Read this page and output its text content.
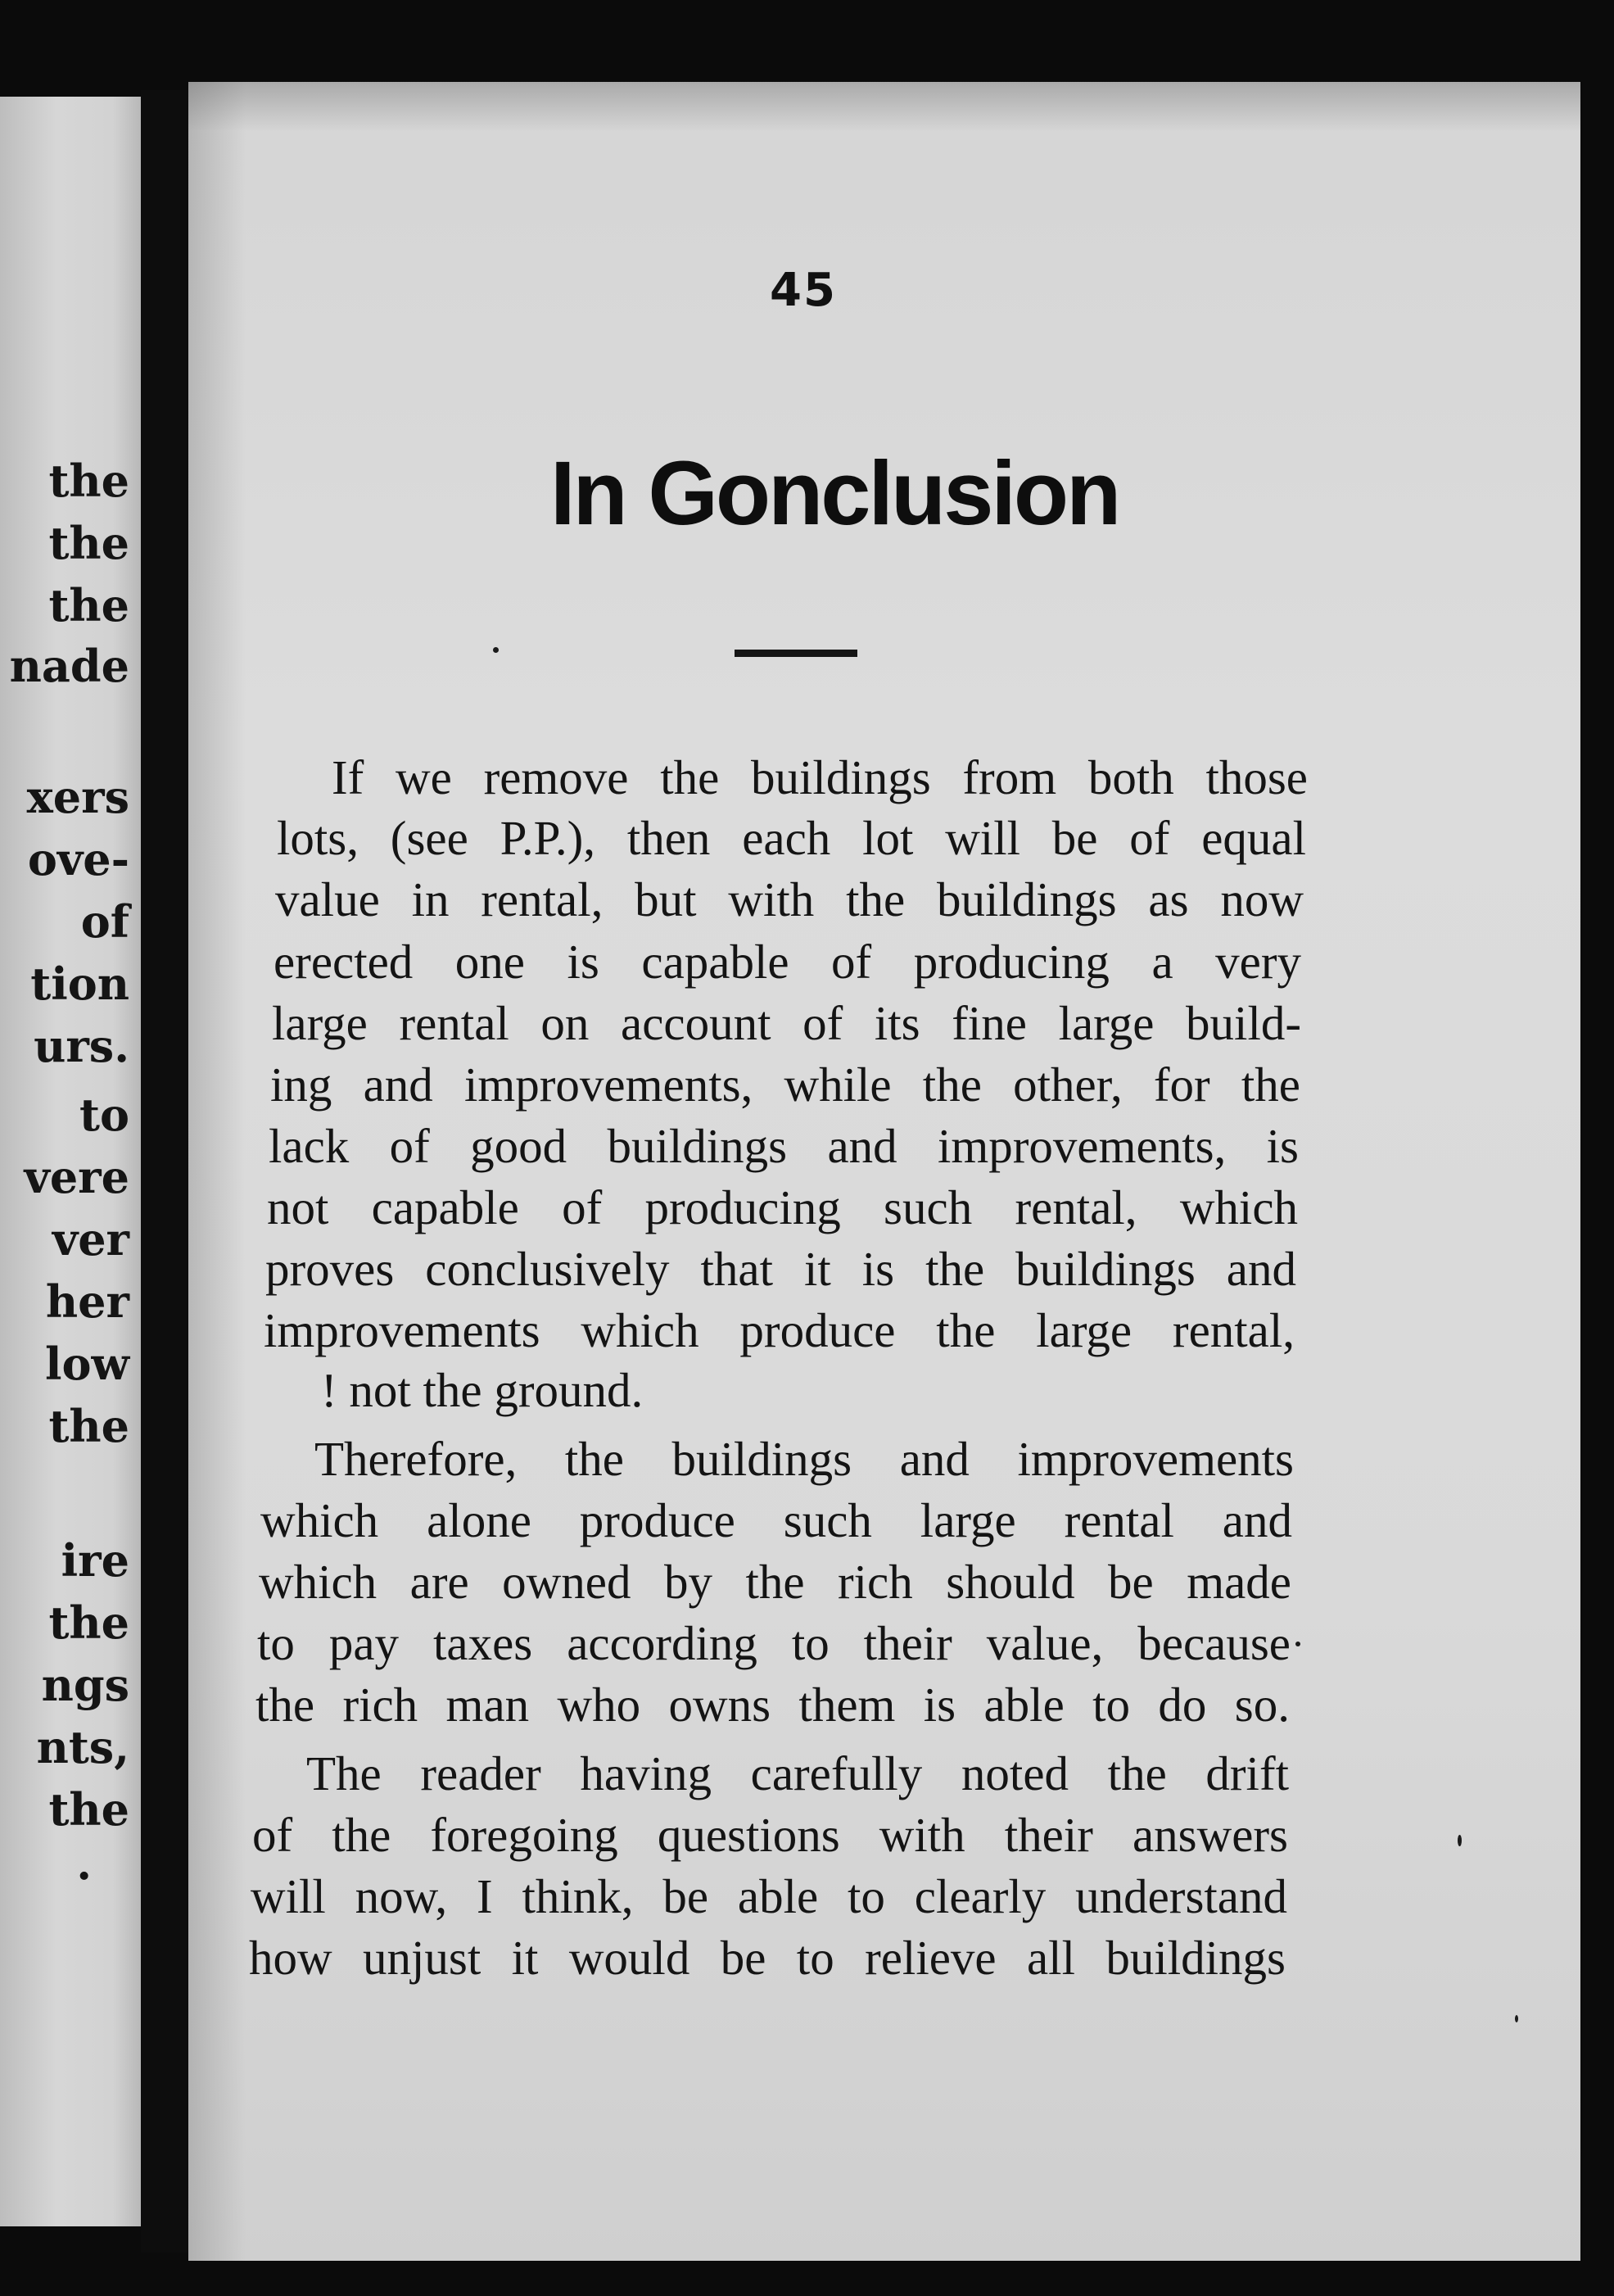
the
the
the
nade
xers
ove-
of
tion
urs.
to
vere
ver
her
low
the
ire
the
ngs
nts,
the
.
45
In Gonclusion
If we remove the buildings from both those
lots, (see P.P.), then each lot will be of equal
value in rental, but with the buildings as now
erected one is capable of producing a very
large rental on account of its fine large build-
ing and improvements, while the other, for the
lack of good buildings and improvements, is
not capable of producing such rental, which
proves conclusively that it is the buildings and
improvements which produce the large rental,
! not the ground.
Therefore, the buildings and improvements
which alone produce such large rental and
which are owned by the rich should be made
to pay taxes according to their value, because
the rich man who owns them is able to do so.
The reader having carefully noted the drift
of the foregoing questions with their answers
will now, I think, be able to clearly understand
how unjust it would be to relieve all buildings
